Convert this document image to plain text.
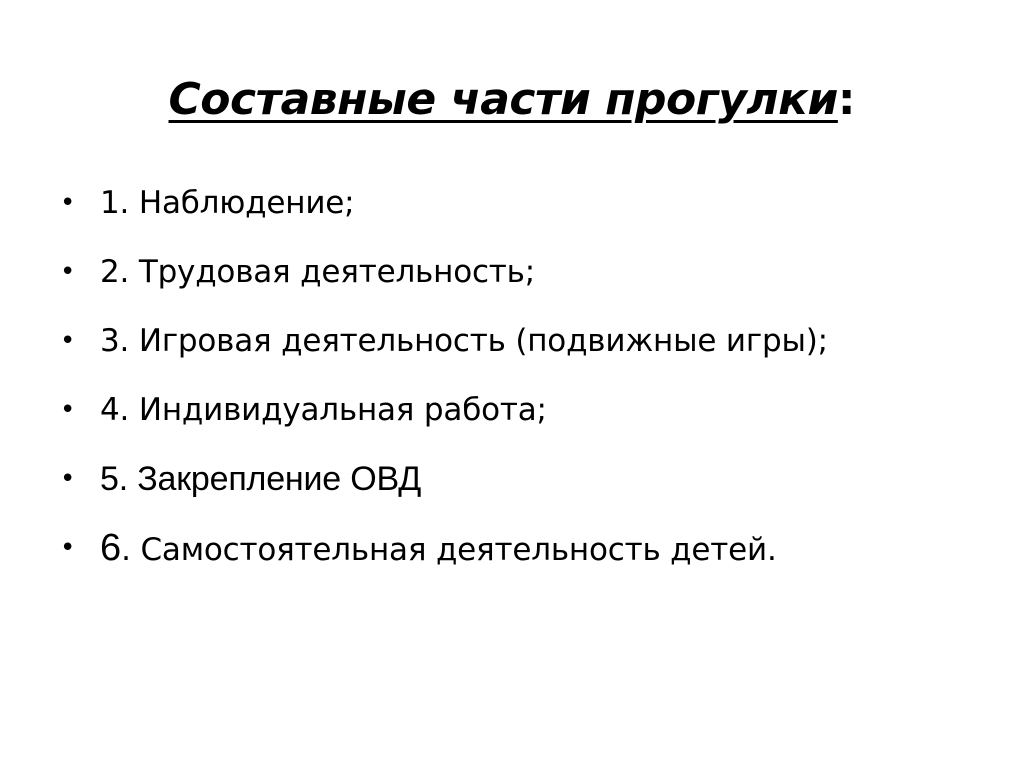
Составные части прогулки:
• 1. Наблюдение;
• 2. Трудовая деятельность;
• 3. Игровая деятельность (подвижные игры);
• 4. Индивидуальная работа;
• 5. Закрепление ОВД
• 6. Самостоятельная деятельность детей.
